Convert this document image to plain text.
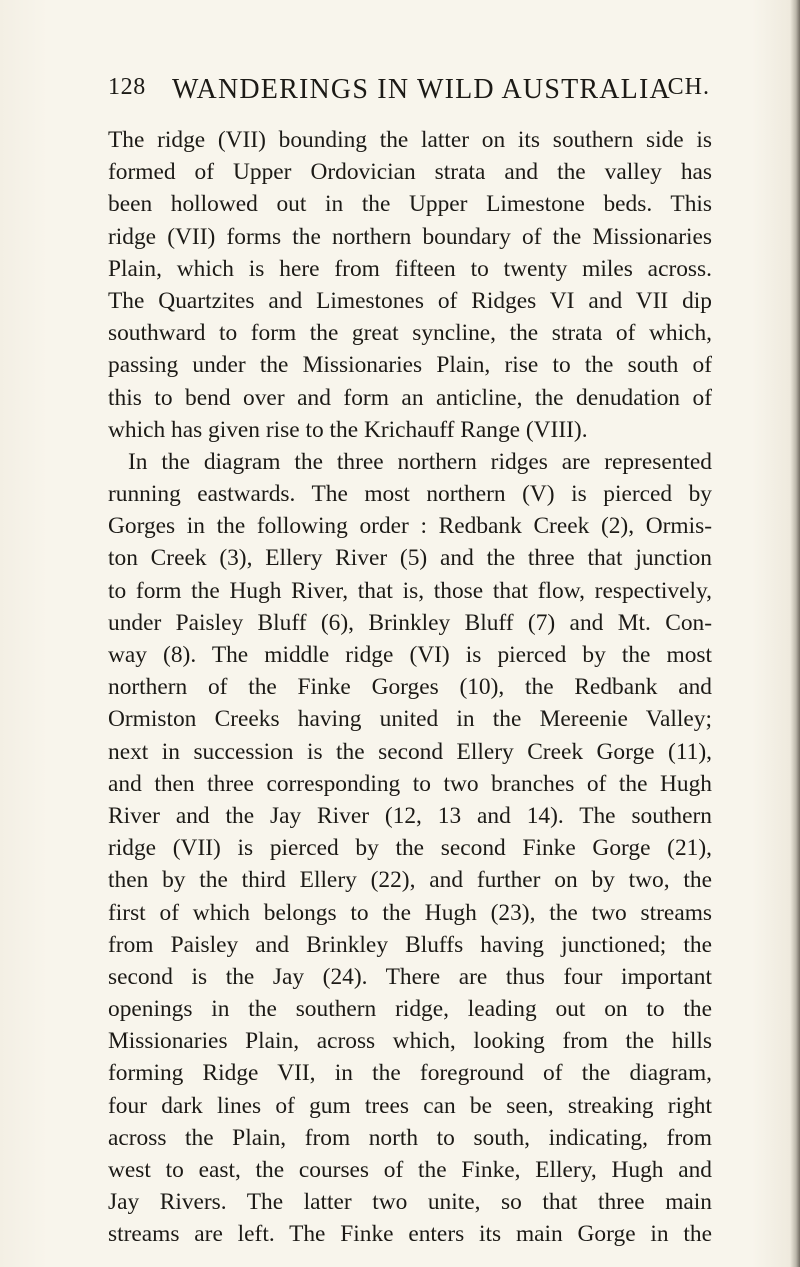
128 WANDERINGS IN WILD AUSTRALIA
CH.
The ridge (VII) bounding the latter on its southern side is
formed of Upper Ordovician strata and the valley has
been hollowed out in the Upper Limestone beds. This
ridge (VII) forms the northern boundary of the Missionaries
Plain, which is here from fifteen to twenty miles across.
The Quartzites and Limestones of Ridges VI and VII dip
southward to form the great syncline, the strata of which,
passing under the Missionaries Plain, rise to the south of
this to bend over and form an anticline, the denudation of
which has given rise to the Krichauff Range (VIII).
In the diagram the three northern ridges are represented
running eastwards. The most northern (V) is pierced by
Gorges in the following order : Redbank Creek (2), Ormis-
ton Creek (3), Ellery River (5) and the three that junction
to form the Hugh River, that is, those that flow, respectively,
under Paisley Bluff (6), Brinkley Bluff (7) and Mt. Con-
way (8). The middle ridge (VI) is pierced by the most
northern of the Finke Gorges (10), the Redbank and
Ormiston Creeks having united in the Mereenie Valley;
next in succession is the second Ellery Creek Gorge (11),
and then three corresponding to two branches of the Hugh
River and the Jay River (12, 13 and 14). The southern
ridge (VII) is pierced by the second Finke Gorge (21),
then by the third Ellery (22), and further on by two, the
first of which belongs to the Hugh (23), the two streams
from Paisley and Brinkley Bluffs having junctioned; the
second is the Jay (24). There are thus four important
openings in the southern ridge, leading out on to the
Missionaries Plain, across which, looking from the hills
forming Ridge VII, in the foreground of the diagram,
four dark lines of gum trees can be seen, streaking right
across the Plain, from north to south, indicating, from
west to east, the courses of the Finke, Ellery, Hugh and
Jay Rivers. The latter two unite, so that three main
streams are left. The Finke enters its main Gorge in the
